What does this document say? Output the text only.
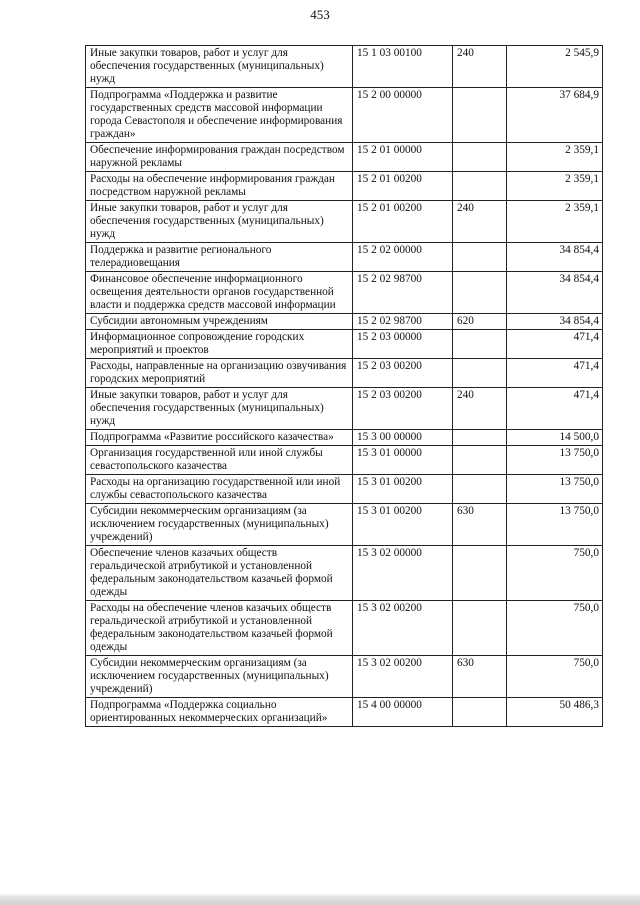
453
Иные закупки товаров, работ и услуг для обеспечения государственных (муниципальных) нужд	15 1 03 00100	240	2 545,9
Подпрограмма «Поддержка и развитие государственных средств массовой информации города Севастополя и обеспечение информирования граждан»	15 2 00 00000		37 684,9
Обеспечение информирования граждан посредством наружной рекламы	15 2 01 00000		2 359,1
Расходы на обеспечение информирования граждан посредством наружной рекламы	15 2 01 00200		2 359,1
Иные закупки товаров, работ и услуг для обеспечения государственных (муниципальных) нужд	15 2 01 00200	240	2 359,1
Поддержка и развитие регионального телерадиовещания	15 2 02 00000		34 854,4
Финансовое обеспечение информационного освещения деятельности органов государственной власти и поддержка средств массовой информации	15 2 02 98700		34 854,4
Субсидии автономным учреждениям	15 2 02 98700	620	34 854,4
Информационное сопровождение городских мероприятий и проектов	15 2 03 00000		471,4
Расходы, направленные на организацию озвучивания городских мероприятий	15 2 03 00200		471,4
Иные закупки товаров, работ и услуг для обеспечения государственных (муниципальных) нужд	15 2 03 00200	240	471,4
Подпрограмма «Развитие российского казачества»	15 3 00 00000		14 500,0
Организация государственной или иной службы севастопольского казачества	15 3 01 00000		13 750,0
Расходы на организацию государственной или иной службы севастопольского казачества	15 3 01 00200		13 750,0
Субсидии некоммерческим организациям (за исключением государственных (муниципальных) учреждений)	15 3 01 00200	630	13 750,0
Обеспечение членов казачьих обществ геральдической атрибутикой и установленной федеральным законодательством казачьей формой одежды	15 3 02 00000		750,0
Расходы на обеспечение членов казачьих обществ геральдической атрибутикой и установленной федеральным законодательством казачьей формой одежды	15 3 02 00200		750,0
Субсидии некоммерческим организациям (за исключением государственных (муниципальных) учреждений)	15 3 02 00200	630	750,0
Подпрограмма «Поддержка социально ориентированных некоммерческих организаций»	15 4 00 00000		50 486,3
